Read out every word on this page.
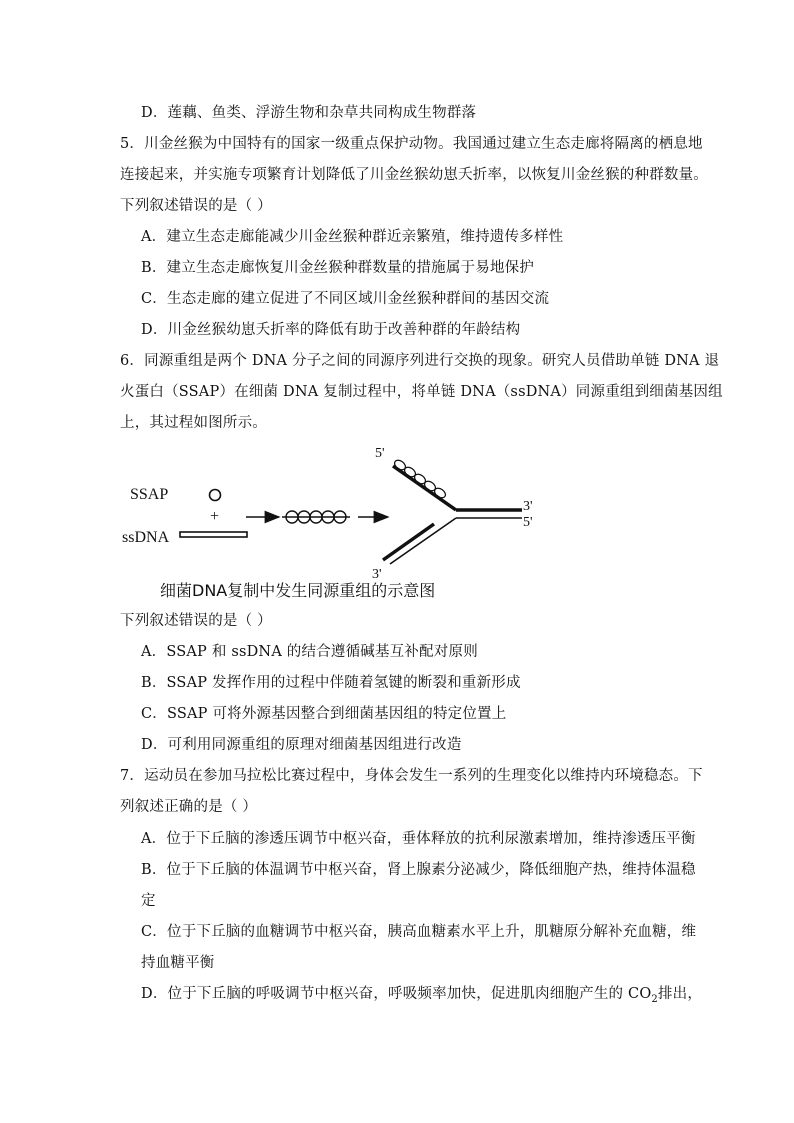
D．莲藕、鱼类、浮游生物和杂草共同构成生物群落
5．川金丝猴为中国特有的国家一级重点保护动物。我国通过建立生态走廊将隔离的栖息地
连接起来，并实施专项繁育计划降低了川金丝猴幼崽夭折率，以恢复川金丝猴的种群数量。
下列叙述错误的是（ ）
A．建立生态走廊能减少川金丝猴种群近亲繁殖，维持遗传多样性
B．建立生态走廊恢复川金丝猴种群数量的措施属于易地保护
C．生态走廊的建立促进了不同区域川金丝猴种群间的基因交流
D．川金丝猴幼崽夭折率的降低有助于改善种群的年龄结构
6．同源重组是两个 DNA 分子之间的同源序列进行交换的现象。研究人员借助单链 DNA 退
火蛋白（SSAP）在细菌 DNA 复制过程中，将单链 DNA（ssDNA）同源重组到细菌基因组
上，其过程如图所示。
SSAP
+
ssDNA
5'
3'
5'
3'
细菌DNA复制中发生同源重组的示意图
下列叙述错误的是（ ）
A．SSAP 和 ssDNA 的结合遵循碱基互补配对原则
B．SSAP 发挥作用的过程中伴随着氢键的断裂和重新形成
C．SSAP 可将外源基因整合到细菌基因组的特定位置上
D．可利用同源重组的原理对细菌基因组进行改造
7．运动员在参加马拉松比赛过程中，身体会发生一系列的生理变化以维持内环境稳态。下
列叙述正确的是（ ）
A．位于下丘脑的渗透压调节中枢兴奋，垂体释放的抗利尿激素增加，维持渗透压平衡
B．位于下丘脑的体温调节中枢兴奋，肾上腺素分泌减少，降低细胞产热，维持体温稳
定
C．位于下丘脑的血糖调节中枢兴奋，胰高血糖素水平上升，肌糖原分解补充血糖，维
持血糖平衡
D．位于下丘脑的呼吸调节中枢兴奋，呼吸频率加快，促进肌肉细胞产生的 $CO_2$排出，
